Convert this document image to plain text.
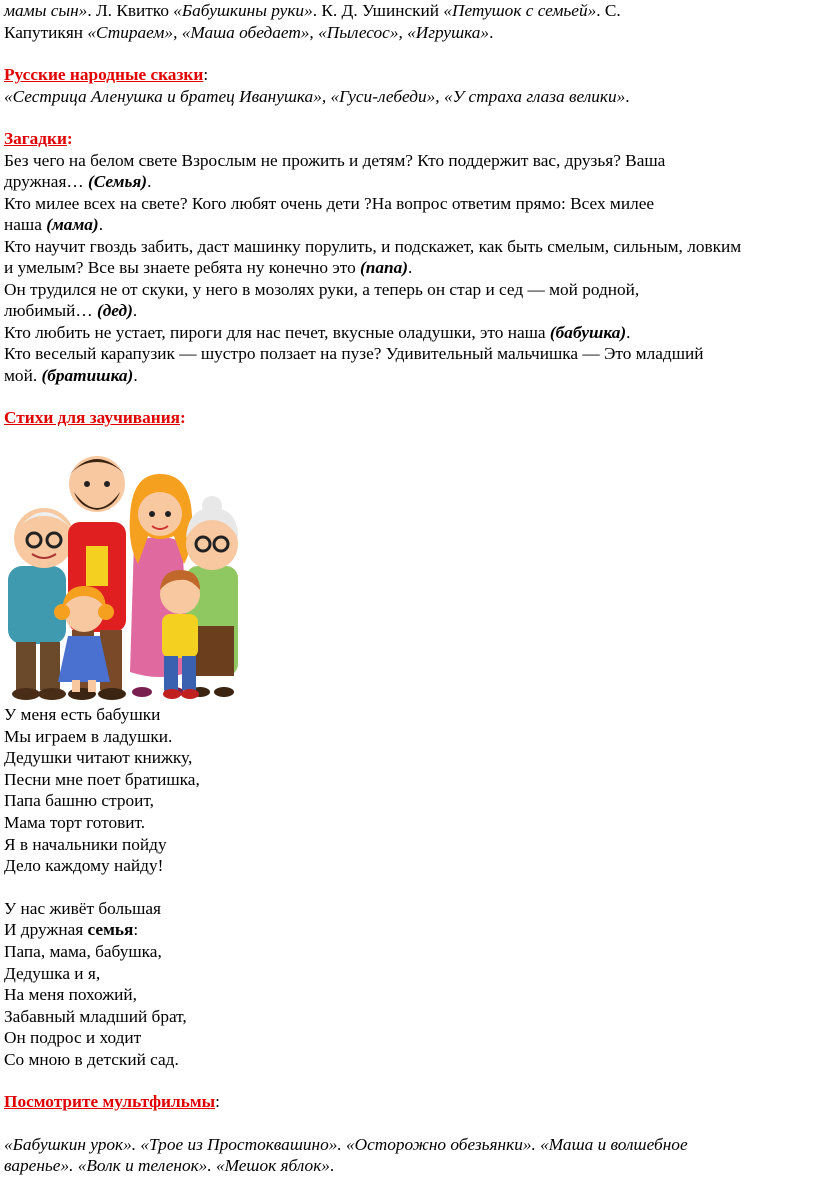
мамы сын». Л. Квитко «Бабушкины руки». К. Д. Ушинский «Петушок с семьей». С.
Капутикян «Стираем», «Маша обедает», «Пылесос», «Игрушка».
Русские народные сказки:
«Сестрица Аленушка и братец Иванушка», «Гуси-лебеди», «У страха глаза велики».
Загадки:
Без чего на белом свете Взрослым не прожить и детям? Кто поддержит вас, друзья? Ваша
дружная… (Семья).
Кто милее всех на свете? Кого любят очень дети ?На вопрос ответим прямо: Всех милее
наша (мама).
Кто научит гвоздь забить, даст машинку порулить, и подскажет, как быть смелым, сильным, ловким
и умелым? Все вы знаете ребята ну конечно это (папа).
Он трудился не от скуки, у него в мозолях руки, а теперь он стар и сед — мой родной,
любимый… (дед).
Кто любить не устает, пироги для нас печет, вкусные оладушки, это наша (бабушка).
Кто веселый карапузик — шустро ползает на пузе? Удивительный мальчишка — Это младший
мой. (братишка).
Стихи для заучивания:
У меня есть бабушки
Мы играем в ладушки.
Дедушки читают книжку,
Песни мне поет братишка,
Папа башню строит,
Мама торт готовит.
Я в начальники пойду
Дело каждому найду!
У нас живёт большая
И дружная семья:
Папа, мама, бабушка,
Дедушка и я,
На меня похожий,
Забавный младший брат,
Он подрос и ходит
Со мною в детский сад.
Посмотрите мультфильмы:
«Бабушкин урок». «Трое из Простоквашино». «Осторожно обезьянки». «Маша и волшебное
варенье». «Волк и теленок». «Мешок яблок».
